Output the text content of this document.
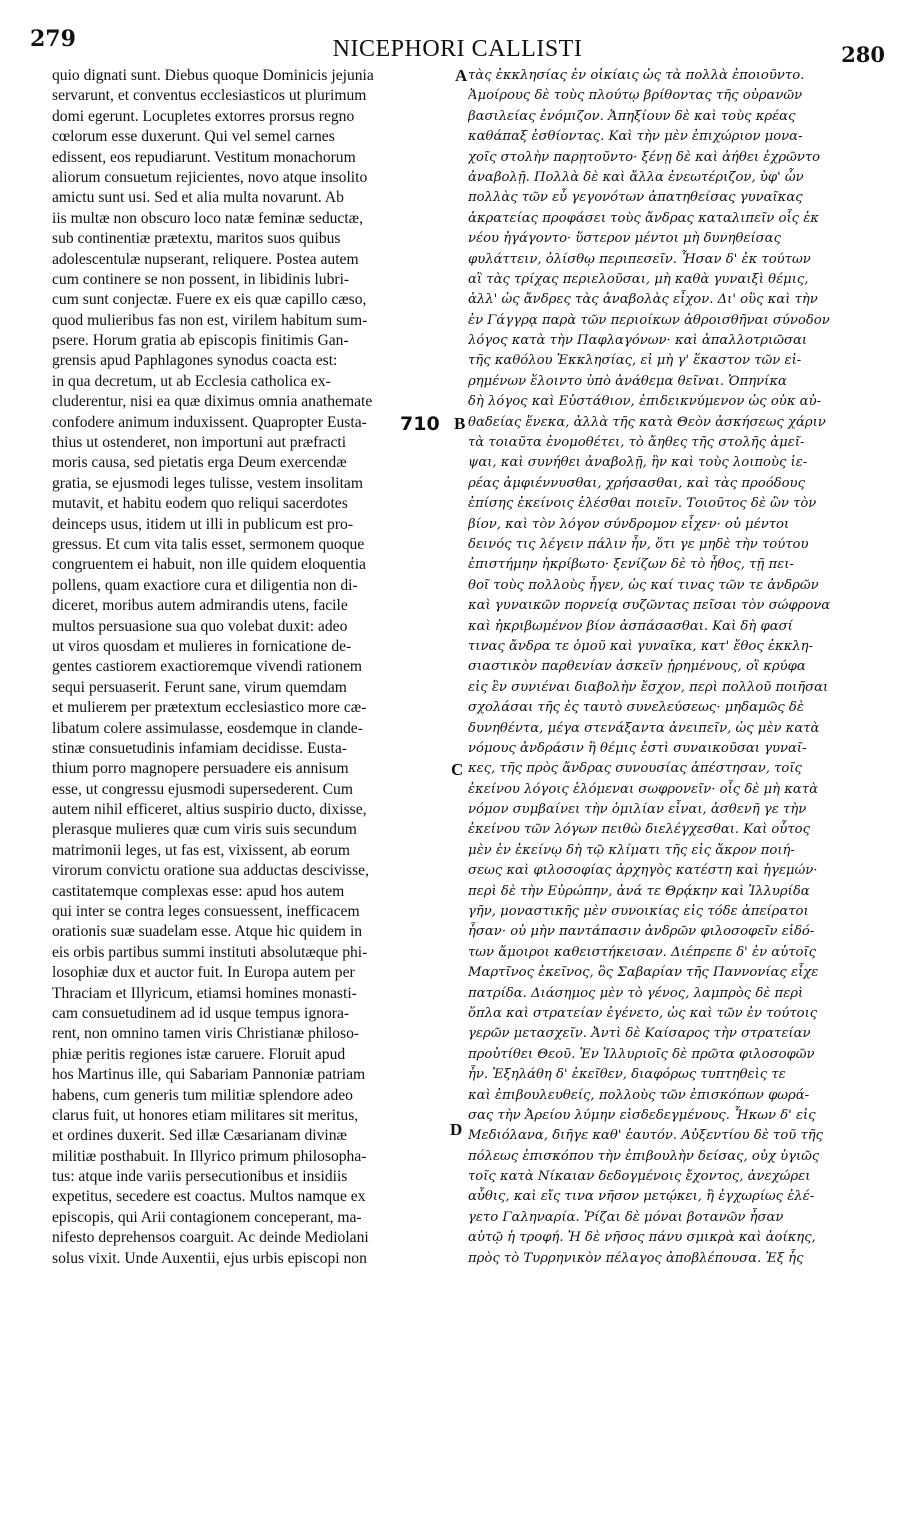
279	NICEPHORI CALLISTI	280
quio dignati sunt. Diebus quoque Dominicis jejunia
servarunt, et conventus ecclesiasticos ut plurimum
domi egerunt. Locupletes extorres prorsus regno
cœlorum esse duxerunt. Qui vel semel carnes
edissent, eos repudiarunt. Vestitum monachorum
aliorum consuetum rejicientes, novo atque insolito
amictu sunt usi. Sed et alia multa novarunt. Ab
iis multæ non obscuro loco natæ feminæ seductæ,
sub continentiæ prætextu, maritos suos quibus
adolescentulæ nupserant, reliquere. Postea autem
cum continere se non possent, in libidinis lubri-
cum sunt conjectæ. Fuere ex eis quæ capillo cæso,
quod mulieribus fas non est, virilem habitum sum-
psere. Horum gratia ab episcopis finitimis Gan-
grensis apud Paphlagones synodus coacta est:
in qua decretum, ut ab Ecclesia catholica ex-
cluderentur, nisi ea quæ diximus omnia anathemate
confodere animum induxissent. Quapropter Eusta-
thius ut ostenderet, non importuni aut præfracti
moris causa, sed pietatis erga Deum exercendæ
gratia, se ejusmodi leges tulisse, vestem insolitam
mutavit, et habitu eodem quo reliqui sacerdotes
deinceps usus, itidem ut illi in publicum est pro-
gressus. Et cum vita talis esset, sermonem quoque
congruentem ei habuit, non ille quidem eloquentia
pollens, quam exactiore cura et diligentia non di-
diceret, moribus autem admirandis utens, facile
multos persuasione sua quo volebat duxit: adeo
ut viros quosdam et mulieres in fornicatione de-
gentes castiorem exactioremque vivendi rationem
sequi persuaserit. Ferunt sane, virum quemdam
et mulierem per prætextum ecclesiastico more cæ-
libatum colere assimulasse, eosdemque in clande-
stinæ consuetudinis infamiam decidisse. Eusta-
thium porro magnopere persuadere eis annisum
esse, ut congressu ejusmodi supersederent. Cum
autem nihil efficeret, altius suspirio ducto, dixisse,
plerasque mulieres quæ cum viris suis secundum
matrimonii leges, ut fas est, vixissent, ab eorum
virorum convictu oratione sua adductas descivisse,
castitatemque complexas esse: apud hos autem
qui inter se contra leges consuessent, inefficacem
orationis suæ suadelam esse. Atque hic quidem in
eis orbis partibus summi instituti absolutæque phi-
losophiæ dux et auctor fuit. In Europa autem per
Thraciam et Illyricum, etiamsi homines monasti-
cam consuetudinem ad id usque tempus ignora-
rent, non omnino tamen viris Christianæ philoso-
phiæ peritis regiones istæ caruere. Floruit apud
hos Martinus ille, qui Sabariam Pannoniæ patriam
habens, cum generis tum militiæ splendore adeo
clarus fuit, ut honores etiam militares sit meritus,
et ordines duxerit. Sed illæ Cæsarianam divinæ
militiæ posthabuit. In Illyrico primum philosopha-
tus: atque inde variis persecutionibus et insidiis
expetitus, secedere est coactus. Multos namque ex
episcopis, qui Arii contagionem conceperant, ma-
nifesto deprehensos coarguit. Ac deinde Mediolani
solus vixit. Unde Auxentii, ejus urbis episcopi non
τὰς ἐκκλησίας ἐν οἰκίαις ὡς τὰ πολλὰ ἐποιοῦντο.
Ἀμοίρους δὲ τοὺς πλούτῳ βρίθοντας τῆς οὐρανῶν
βασιλείας ἐνόμιζον. Ἀπηξίουν δὲ καὶ τοὺς κρέας
καθάπαξ ἐσθίοντας. Καὶ τὴν μὲν ἐπιχώριον μονα-
χοῖς στολὴν παρῃτοῦντο· ξένῃ δὲ καὶ ἀήθει ἐχρῶντο
ἀναβολῇ. Πολλὰ δὲ καὶ ἄλλα ἐνεωτέριζον, ὑφ' ὧν
πολλὰς τῶν εὖ γεγονότων ἀπατηθείσας γυναῖκας
ἀκρατείας προφάσει τοὺς ἄνδρας καταλιπεῖν οἷς ἐκ
νέου ἠγάγοντο· ὕστερον μέντοι μὴ δυνηθείσας
φυλάττειν, ὀλίσθῳ περιπεσεῖν. Ἦσαν δ' ἐκ τούτων
αἳ τὰς τρίχας περιελοῦσαι, μὴ καθὰ γυναιξὶ θέμις,
ἀλλ' ὡς ἄνδρες τὰς ἀναβολὰς εἶχον. Δι' οὓς καὶ τὴν
ἐν Γάγγρᾳ παρὰ τῶν περιοίκων ἀθροισθῆναι σύνοδον
λόγος κατὰ τὴν Παφλαγόνων· καὶ ἀπαλλοτριῶσαι
τῆς καθόλου Ἐκκλησίας, εἰ μὴ γ' ἕκαστον τῶν εἰ-
ρημένων ἕλοιντο ὑπὸ ἀνάθεμα θεῖναι. Ὁπηνίκα
δὴ λόγος καὶ Εὐστάθιον, ἐπιδεικνύμενον ὡς οὐκ αὐ-
θαδείας ἕνεκα, ἀλλὰ τῆς κατὰ Θεὸν ἀσκήσεως χάριν
τὰ τοιαῦτα ἐνομοθέτει, τὸ ἄηθες τῆς στολῆς ἀμεῖ-
ψαι, καὶ συνήθει ἀναβολῇ, ἣν καὶ τοὺς λοιποὺς ἱε-
ρέας ἀμφιέννυσθαι, χρήσασθαι, καὶ τὰς προόδους
ἐπίσης ἐκείνοις ἑλέσθαι ποιεῖν. Τοιοῦτος δὲ ὢν τὸν
βίον, καὶ τὸν λόγον σύνδρομον εἶχεν· οὐ μέντοι
δεινός τις λέγειν πάλιν ἦν, ὅτι γε μηδὲ τὴν τούτου
ἐπιστήμην ἠκρίβωτο· ξενίζων δὲ τὸ ἦθος, τῇ πει-
θοῖ τοὺς πολλοὺς ἦγεν, ὡς καί τινας τῶν τε ἀνδρῶν
καὶ γυναικῶν πορνείᾳ συζῶντας πεῖσαι τὸν σώφρονα
καὶ ἠκριβωμένον βίον ἀσπάσασθαι. Καὶ δὴ φασί
τινας ἄνδρα τε ὁμοῦ καὶ γυναῖκα, κατ' ἔθος ἐκκλη-
σιαστικὸν παρθενίαν ἀσκεῖν ᾐρημένους, οἳ κρύφα
εἰς ἓν συνιέναι διαβολὴν ἔσχον, περὶ πολλοῦ ποιῆσαι
σχολάσαι τῆς ἐς ταυτὸ συνελεύσεως· μηδαμῶς δὲ
δυνηθέντα, μέγα στενάξαντα ἀνειπεῖν, ὡς μὲν κατὰ
νόμους ἀνδράσιν ἣ θέμις ἐστὶ συναικοῦσαι γυναῖ-
κες, τῆς πρὸς ἄνδρας συνουσίας ἀπέστησαν, τοῖς
ἐκείνου λόγοις ἑλόμεναι σωφρονεῖν· οἷς δὲ μὴ κατὰ
νόμον συμβαίνει τὴν ὁμιλίαν εἶναι, ἀσθενῆ γε τὴν
ἐκείνου τῶν λόγων πειθὼ διελέγχεσθαι. Καὶ οὗτος
μὲν ἐν ἐκείνῳ δὴ τῷ κλίματι τῆς εἰς ἄκρον ποιή-
σεως καὶ φιλοσοφίας ἀρχηγὸς κατέστη καὶ ἡγεμών·
περὶ δὲ τὴν Εὐρώπην, ἀνά τε Θρᾴκην καὶ Ἰλλυρίδα
γῆν, μοναστικῆς μὲν συνοικίας εἰς τόδε ἀπείρατοι
ἦσαν· οὐ μὴν παντάπασιν ἀνδρῶν φιλοσοφεῖν εἰδό-
των ἄμοιροι καθειστήκεισαν. Διέπρεπε δ' ἐν αὐτοῖς
Μαρτῖνος ἐκεῖνος, ὃς Σαβαρίαν τῆς Παννονίας εἶχε
πατρίδα. Διάσημος μὲν τὸ γένος, λαμπρὸς δὲ περὶ
ὅπλα καὶ στρατείαν ἐγένετο, ὡς καὶ τῶν ἐν τούτοις
γερῶν μετασχεῖν. Ἀντὶ δὲ Καίσαρος τὴν στρατείαν
προὐτίθει Θεοῦ. Ἐν Ἰλλυριοῖς δὲ πρῶτα φιλοσοφῶν
ἦν. Ἐξηλάθη δ' ἐκεῖθεν, διαφόρως τυπτηθεὶς τε
καὶ ἐπιβουλευθείς, πολλοὺς τῶν ἐπισκόπων φωρά-
σας τὴν Ἀρείου λύμην εἰσδεδεγμένους. Ἧκων δ' εἰς
Μεδιόλανα, διῆγε καθ' ἑαυτόν. Αὐξεντίου δὲ τοῦ τῆς
πόλεως ἐπισκόπου τὴν ἐπιβουλὴν δείσας, οὐχ ὑγιῶς
τοῖς κατὰ Νίκαιαν δεδογμένοις ἔχοντος, ἀνεχώρει
αὖθις, καὶ εἴς τινα νῆσον μετῴκει, ἣ ἐγχωρίως ἐλέ-
γετο Γαληναρία. Ῥίζαι δὲ μόναι βοτανῶν ἦσαν
αὐτῷ ἡ τροφή. Ἡ δὲ νῆσος πάνυ σμικρὰ καὶ ἀοίκης,
πρὸς τὸ Τυρρηνικὸν πέλαγος ἀποβλέπουσα. Ἐξ ἧς
A
B
C
D
710
